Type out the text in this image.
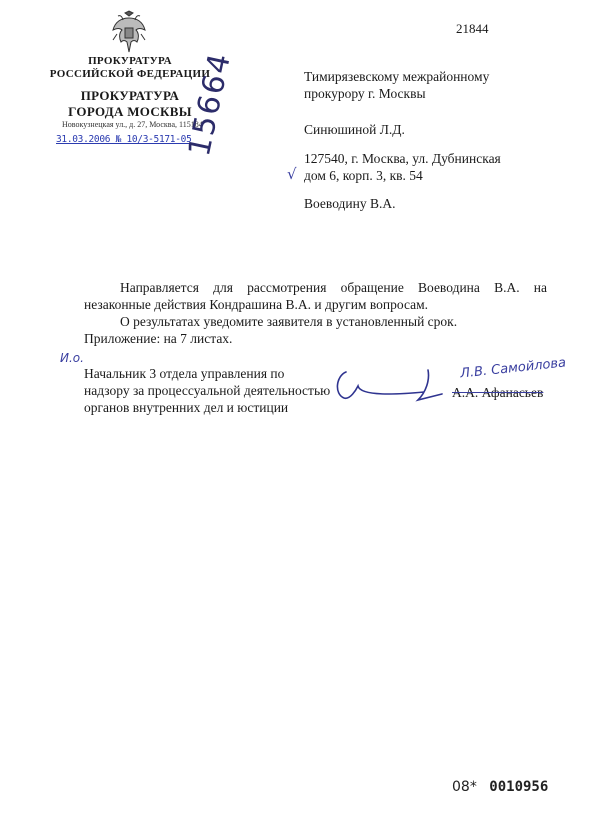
21844
ПРОКУРАТУРА
РОССИЙСКОЙ ФЕДЕРАЦИИ
ПРОКУРАТУРА
ГОРОДА МОСКВЫ
Новокузнецкая ул., д. 27, Москва, 115184
31.03.2006 № 10/3-5171-05
15664
√
Тимирязевскому межрайонному
прокурору г. Москвы
Синюшиной Л.Д.
127540, г. Москва, ул. Дубнинская
дом 6, корп. 3, кв. 54
Воеводину В.А.

Направляется для рассмотрения обращение Воеводина В.А. на незаконные действия Кондрашина В.А. и другим вопросам.

О результатах уведомите заявителя в установленный срок.

Приложение: на 7 листах.

И.о.
Начальник 3 отдела управления по
надзору за процессуальной деятельностью
органов внутренних дел и юстиции
Л.В. Самойлова
А.А. Афанасьев
08* 0010956
